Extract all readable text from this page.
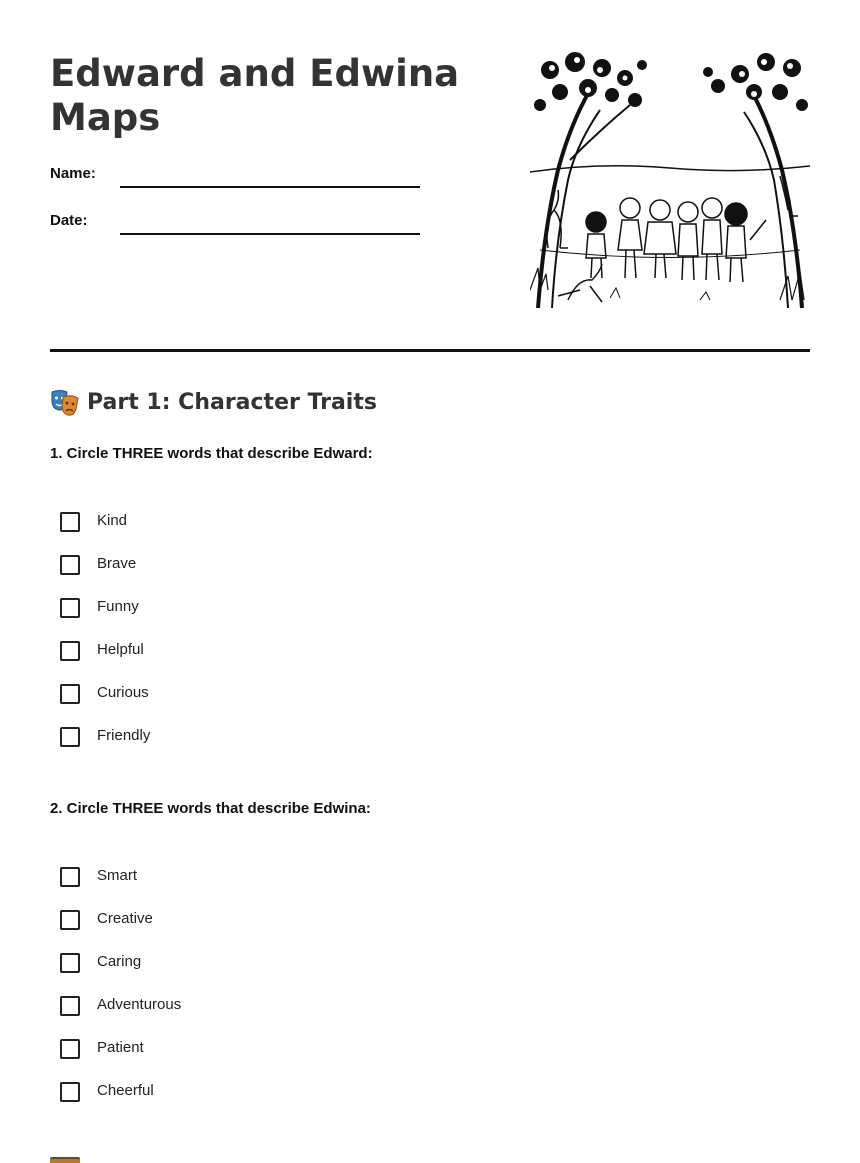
Edward and Edwina Maps
Name:
Date:
Part 1: Character Traits

1. Circle THREE words that describe Edward:

Kind
Brave
Funny
Helpful
Curious
Friendly

2. Circle THREE words that describe Edwina:

Smart
Creative
Caring
Adventurous
Patient
Cheerful
